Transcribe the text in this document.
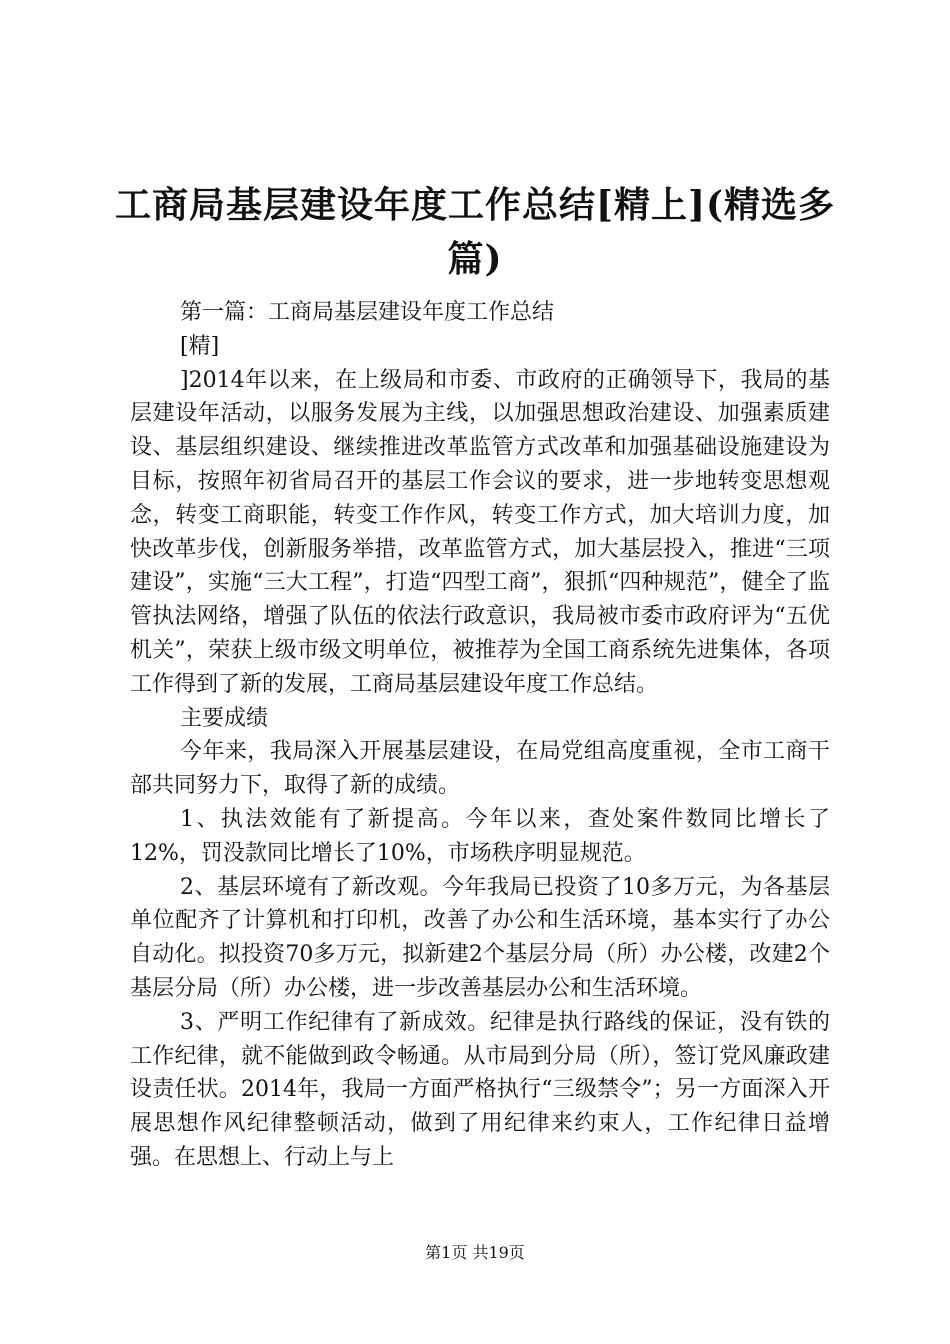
工商局基层建设年度工作总结[精上](精选多篇)

第一篇：工商局基层建设年度工作总结

[精]

]2014年以来，在上级局和市委、市政府的正确领导下，我局的基层建设年活动，以服务发展为主线，以加强思想政治建设、加强素质建设、基层组织建设、继续推进改革监管方式改革和加强基础设施建设为目标，按照年初省局召开的基层工作会议的要求，进一步地转变思想观念，转变工商职能，转变工作作风，转变工作方式，加大培训力度，加快改革步伐，创新服务举措，改革监管方式，加大基层投入，推进“三项建设”，实施“三大工程”，打造“四型工商”，狠抓“四种规范”，健全了监管执法网络，增强了队伍的依法行政意识，我局被市委市政府评为“五优机关”，荣获上级市级文明单位，被推荐为全国工商系统先进集体，各项工作得到了新的发展，工商局基层建设年度工作总结。

主要成绩

今年来，我局深入开展基层建设，在局党组高度重视，全市工商干部共同努力下，取得了新的成绩。

1、执法效能有了新提高。今年以来，查处案件数同比增长了12%，罚没款同比增长了10%，市场秩序明显规范。

2、基层环境有了新改观。今年我局已投资了10多万元，为各基层单位配齐了计算机和打印机，改善了办公和生活环境，基本实行了办公自动化。拟投资70多万元，拟新建2个基层分局（所）办公楼，改建2个基层分局（所）办公楼，进一步改善基层办公和生活环境。

3、严明工作纪律有了新成效。纪律是执行路线的保证，没有铁的工作纪律，就不能做到政令畅通。从市局到分局（所），签订党风廉政建设责任状。2014年，我局一方面严格执行“三级禁令”；另一方面深入开展思想作风纪律整顿活动，做到了用纪律来约束人，工作纪律日益增强。在思想上、行动上与上

第1页 共19页
